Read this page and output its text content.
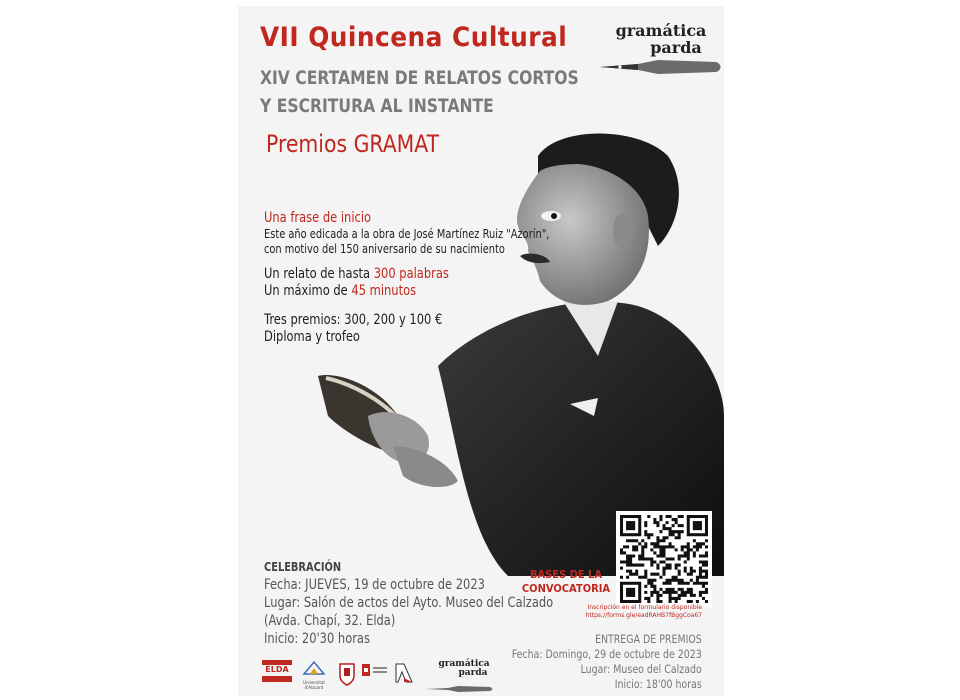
VII Quincena Cultural
XIV CERTAMEN DE RELATOS CORTOS
Y ESCRITURA AL INSTANTE
Premios GRAMAT
gramática
parda
Una frase de inicio
Este año edicada a la obra de José Martínez Ruiz "Azorín",
con motivo del 150 aniversario de su nacimiento
Un relato de hasta 300 palabras
Un máximo de 45 minutos
Tres premios: 300, 200 y 100 €
Diploma y trofeo
CELEBRACIÓN
Fecha: JUEVES, 19 de octubre de 2023
Lugar: Salón de actos del Ayto. Museo del Calzado
(Avda. Chapí, 32. Elda)
Inicio: 20'30 horas
BASES DE LA
CONVOCATORIA
Inscripción en el formulario disponible
https://forms.gle/eadRAHB7fBggCoa67
ENTREGA DE PREMIOS
Fecha: Domingo, 29 de octubre de 2023
Lugar: Museo del Calzado
Inicio: 18'00 horas
ELDA
Universitat d'Alacant
gramática
parda
